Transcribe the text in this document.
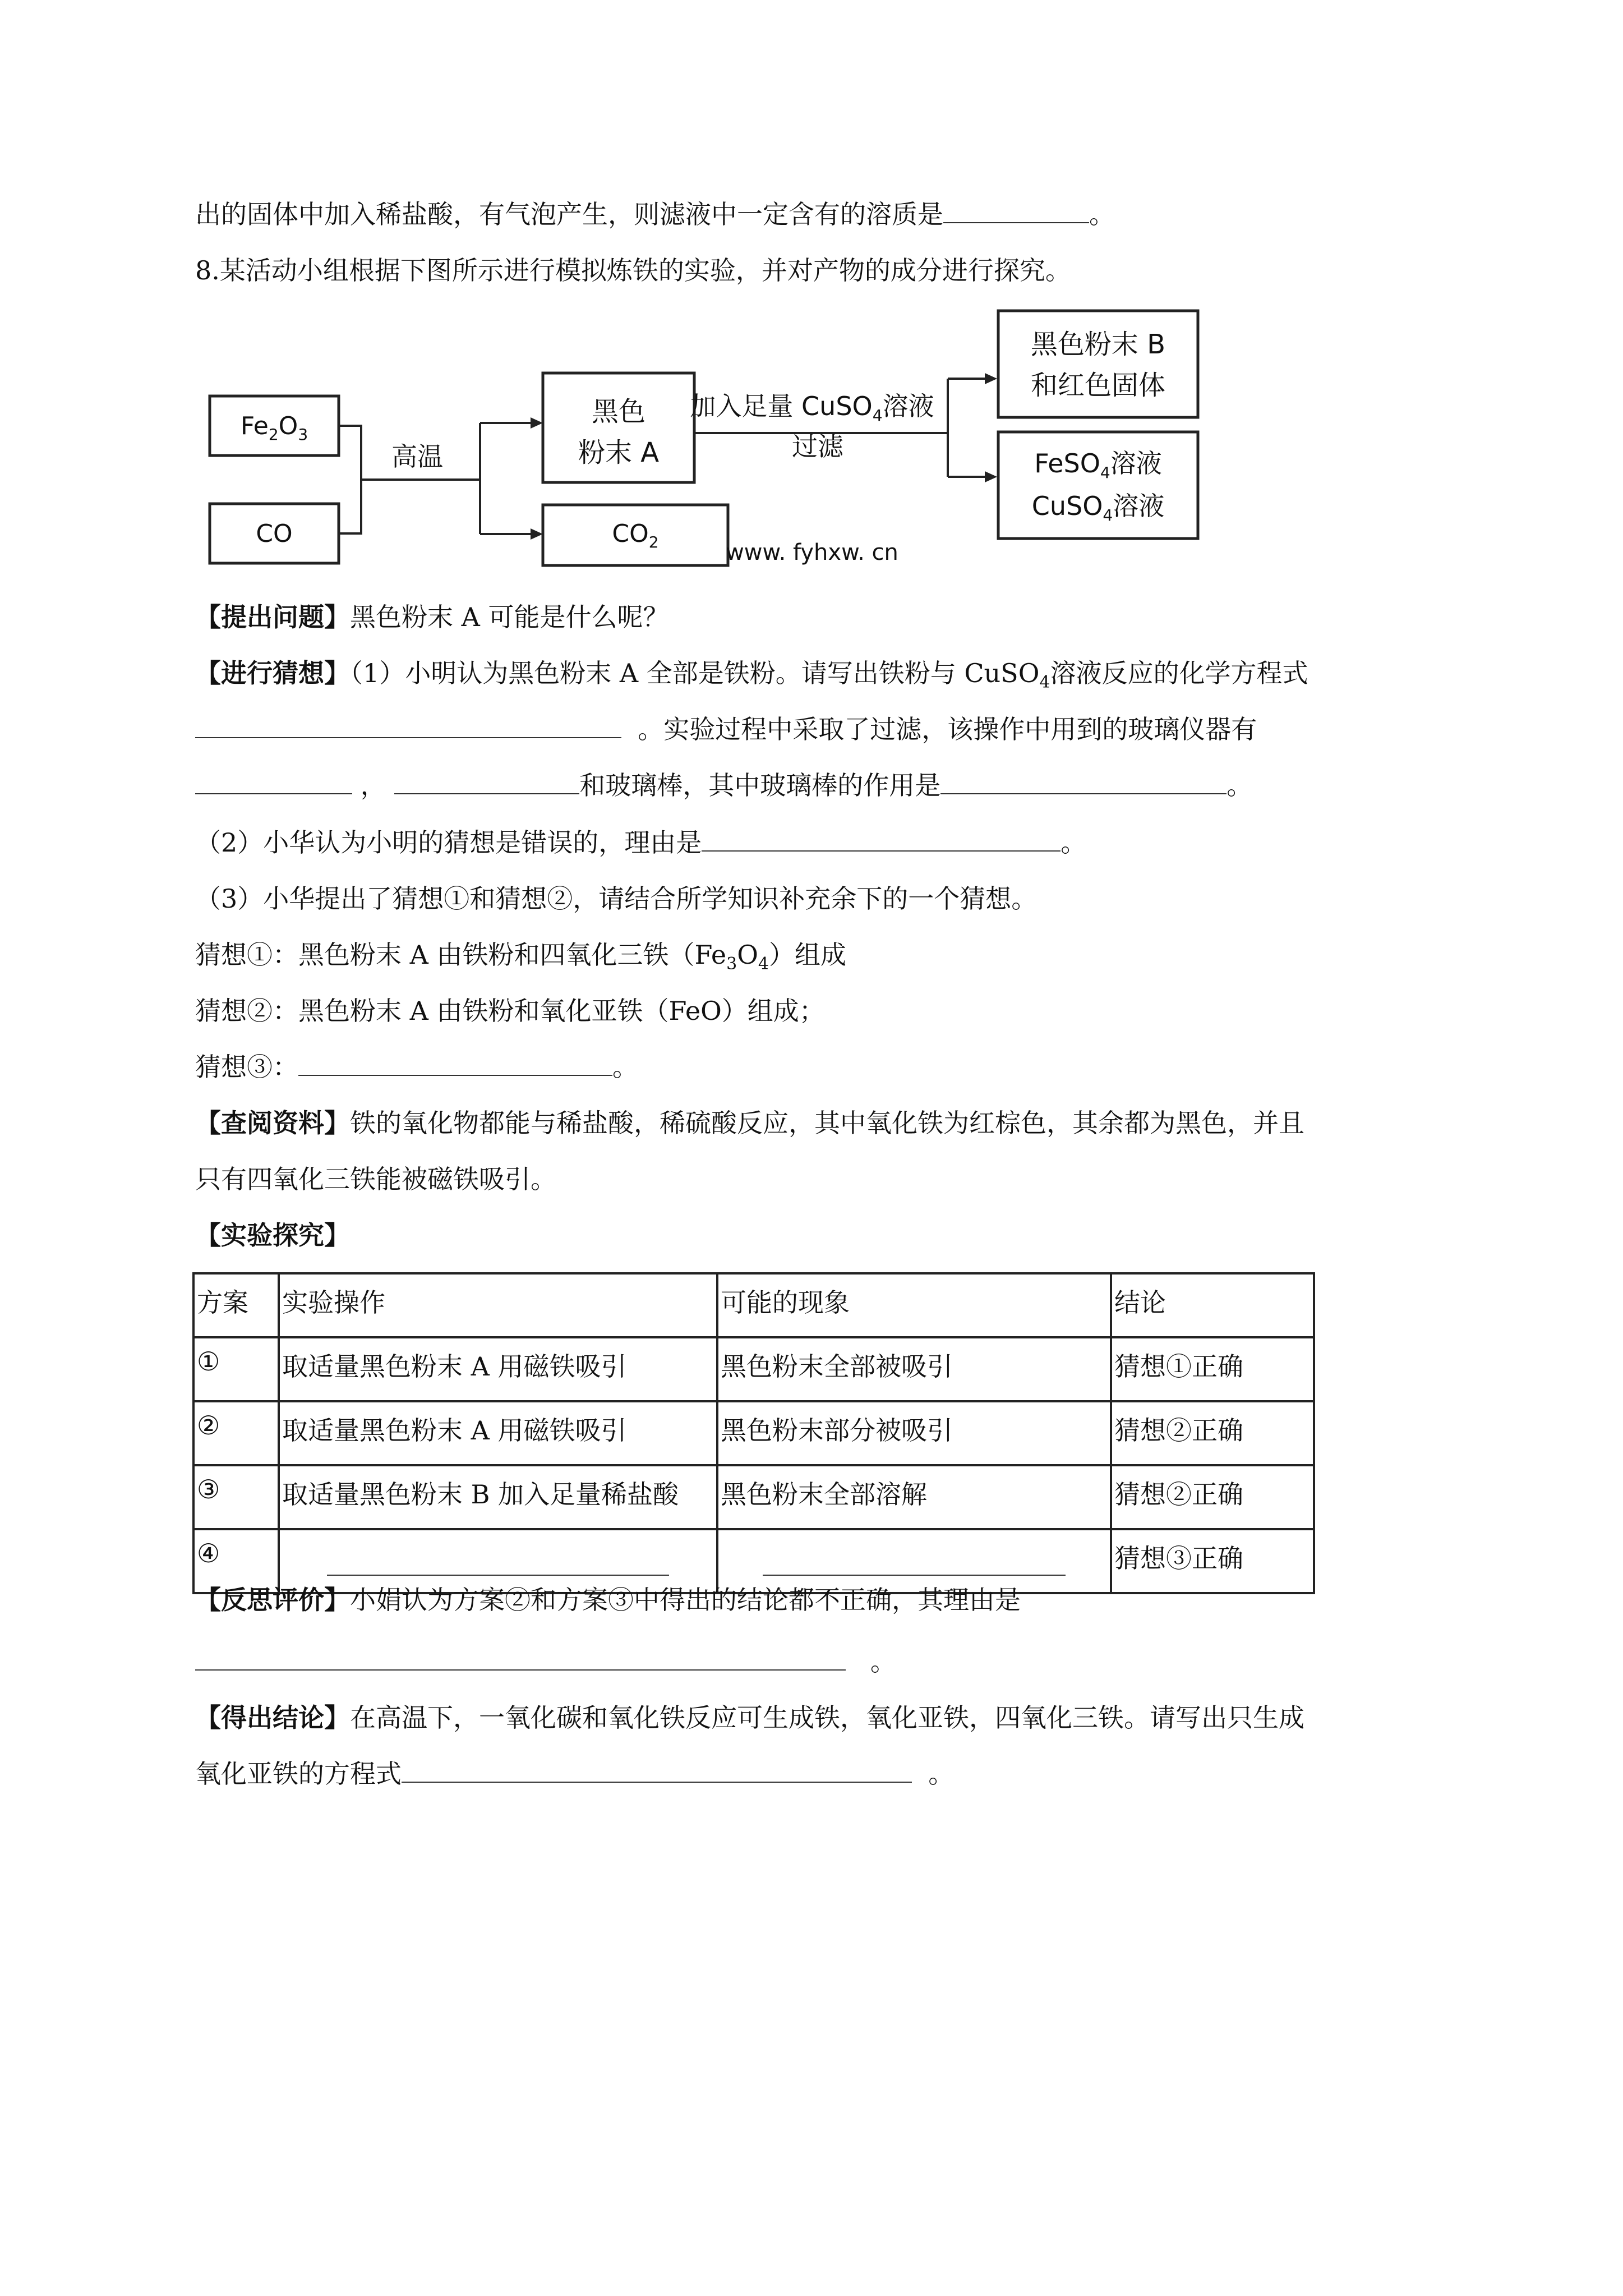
出的固体中加入稀盐酸，有气泡产生，则滤液中一定含有的溶质是	。
8.某活动小组根据下图所示进行模拟炼铁的实验，并对产物的成分进行探究。
$Fe_2O_3$
CO
高温
黑色
粉末 A
$CO_2$
加入足量 CuSO$_4$溶液
过滤
黑色粉末 B
和红色固体
FeSO$_4$溶液
CuSO$_4$溶液
www. fyhxw. cn
【提出问题】黑色粉末 A 可能是什么呢？
【进行猜想】（1）小明认为黑色粉末 A 全部是铁粉。请写出铁粉与 CuSO$_4$溶液反应的化学方程式
。实验过程中采取了过滤，该操作中用到的玻璃仪器有
，	和玻璃棒，其中玻璃棒的作用是	。
（2）小华认为小明的猜想是错误的，理由是	。
（3）小华提出了猜想①和猜想②，请结合所学知识补充余下的一个猜想。
猜想①：黑色粉末 A 由铁粉和四氧化三铁$(Fe_3O_4)$组成
猜想②：黑色粉末 A 由铁粉和氧化亚铁（FeO）组成；
猜想③：	。
【查阅资料】铁的氧化物都能与稀盐酸，稀硫酸反应，其中氧化铁为红棕色，其余都为黑色，并且
只有四氧化三铁能被磁铁吸引。
【实验探究】
方案	实验操作	可能的现象	结论
①	取适量黑色粉末 A 用磁铁吸引	黑色粉末全部被吸引	猜想①正确
②	取适量黑色粉末 A 用磁铁吸引	黑色粉末部分被吸引	猜想②正确
③	取适量黑色粉末 B 加入足量稀盐酸	黑色粉末全部溶解	猜想②正确
④			猜想③正确
【反思评价】小娟认为方案②和方案③中得出的结论都不正确，其理由是
。
【得出结论】在高温下，一氧化碳和氧化铁反应可生成铁，氧化亚铁，四氧化三铁。请写出只生成
氧化亚铁的方程式	。
